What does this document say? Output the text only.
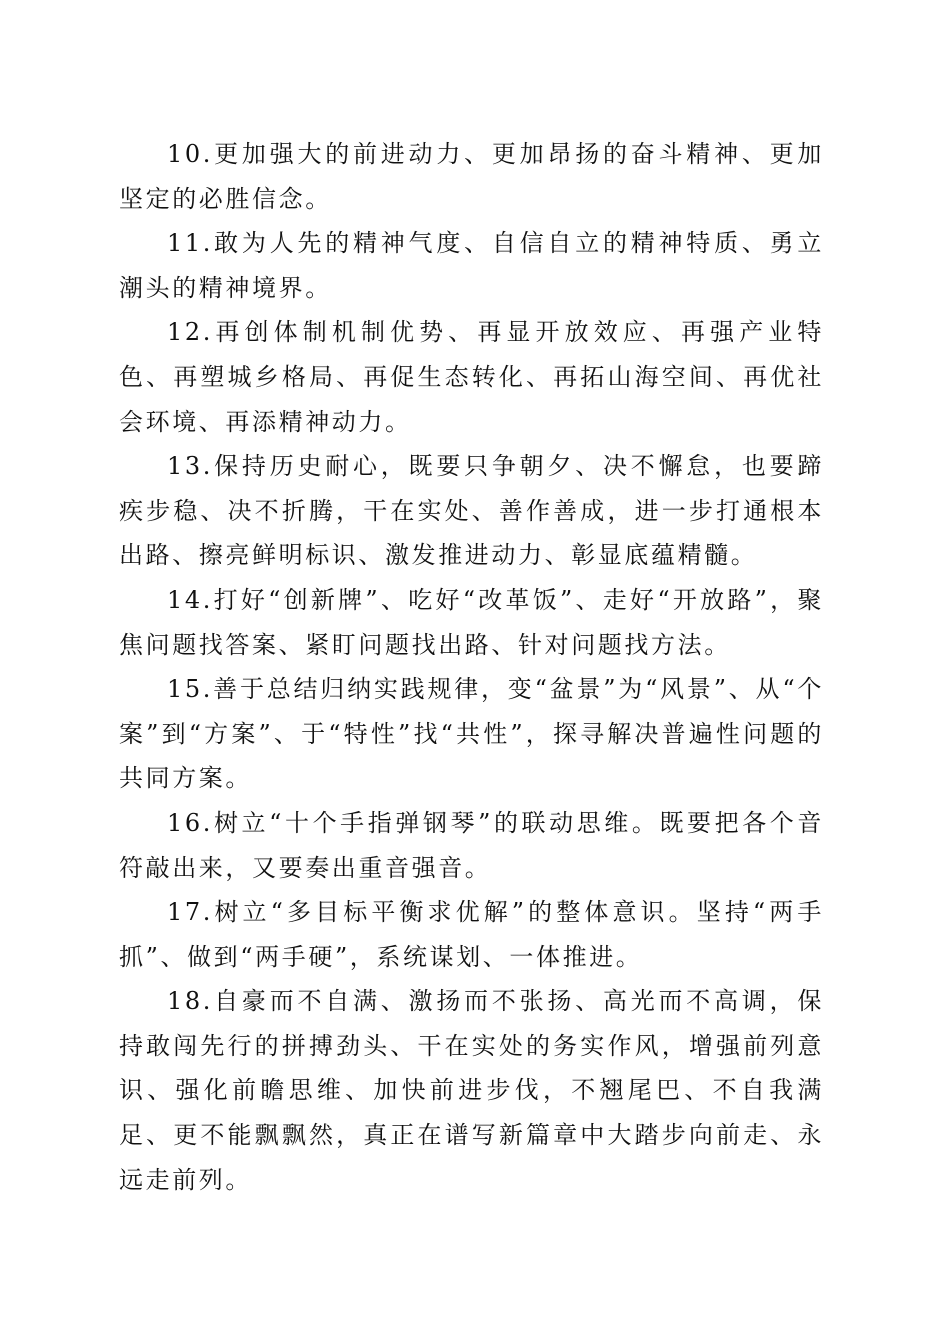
10.更加强大的前进动力、更加昂扬的奋斗精神、更加坚定的必胜信念。

11.敢为人先的精神气度、自信自立的精神特质、勇立潮头的精神境界。

12.再创体制机制优势、再显开放效应、再强产业特色、再塑城乡格局、再促生态转化、再拓山海空间、再优社会环境、再添精神动力。

13.保持历史耐心，既要只争朝夕、决不懈怠，也要蹄疾步稳、决不折腾，干在实处、善作善成，进一步打通根本出路、擦亮鲜明标识、激发推进动力、彰显底蕴精髓。

14.打好“创新牌”、吃好“改革饭”、走好“开放路”，聚焦问题找答案、紧盯问题找出路、针对问题找方法。

15.善于总结归纳实践规律，变“盆景”为“风景”、从“个案”到“方案”、于“特性”找“共性”，探寻解决普遍性问题的共同方案。

16.树立“十个手指弹钢琴”的联动思维。既要把各个音符敲出来，又要奏出重音强音。

17.树立“多目标平衡求优解”的整体意识。坚持“两手抓”、做到“两手硬”，系统谋划、一体推进。

18.自豪而不自满、激扬而不张扬、高光而不高调，保持敢闯先行的拼搏劲头、干在实处的务实作风，增强前列意识、强化前瞻思维、加快前进步伐，不翘尾巴、不自我满足、更不能飘飘然，真正在谱写新篇章中大踏步向前走、永远走前列。
